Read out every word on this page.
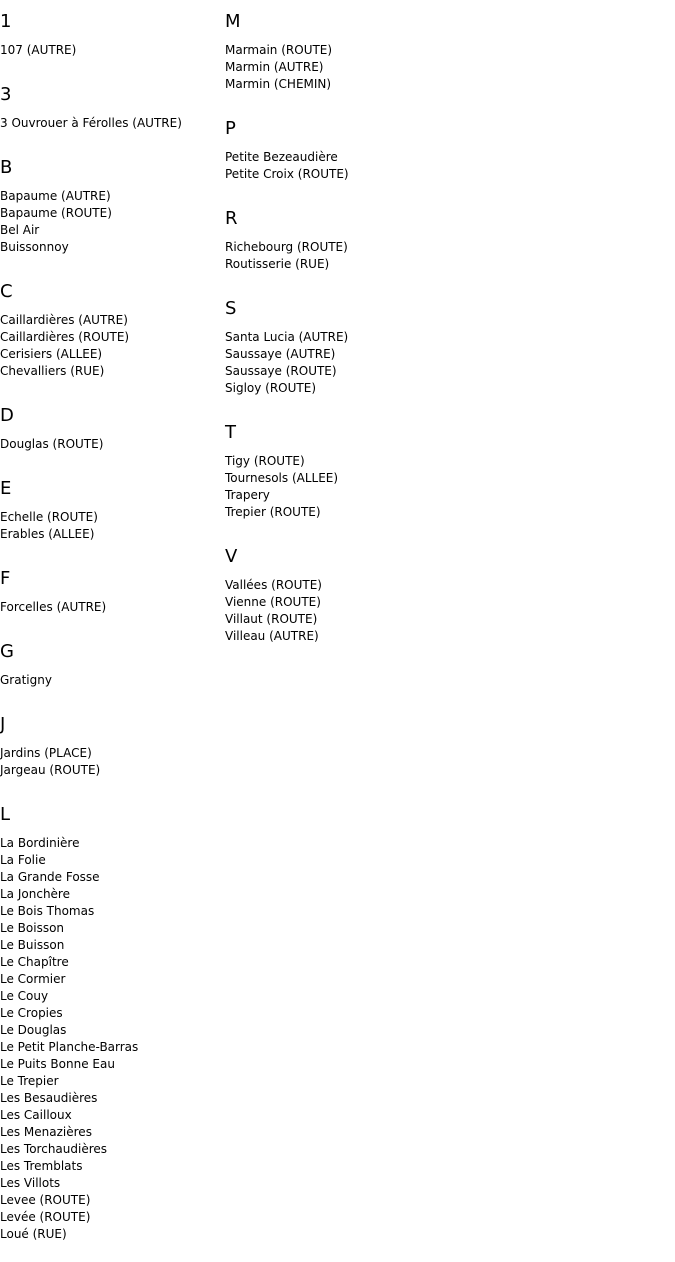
1
107 (AUTRE)
3
3 Ouvrouer à Férolles (AUTRE)
B
Bapaume (AUTRE)
Bapaume (ROUTE)
Bel Air
Buissonnoy
C
Caillardières (AUTRE)
Caillardières (ROUTE)
Cerisiers (ALLEE)
Chevalliers (RUE)
D
Douglas (ROUTE)
E
Echelle (ROUTE)
Erables (ALLEE)
F
Forcelles (AUTRE)
G
Gratigny
J
Jardins (PLACE)
Jargeau (ROUTE)
L
La Bordinière
La Folie
La Grande Fosse
La Jonchère
Le Bois Thomas
Le Boisson
Le Buisson
Le Chapître
Le Cormier
Le Couy
Le Cropies
Le Douglas
Le Petit Planche-Barras
Le Puits Bonne Eau
Le Trepier
Les Besaudières
Les Cailloux
Les Menazières
Les Torchaudières
Les Tremblats
Les Villots
Levee (ROUTE)
Levée (ROUTE)
Loué (RUE)
M
Marmain (ROUTE)
Marmin (AUTRE)
Marmin (CHEMIN)
P
Petite Bezeaudière
Petite Croix (ROUTE)
R
Richebourg (ROUTE)
Routisserie (RUE)
S
Santa Lucia (AUTRE)
Saussaye (AUTRE)
Saussaye (ROUTE)
Sigloy (ROUTE)
T
Tigy (ROUTE)
Tournesols (ALLEE)
Trapery
Trepier (ROUTE)
V
Vallées (ROUTE)
Vienne (ROUTE)
Villaut (ROUTE)
Villeau (AUTRE)
